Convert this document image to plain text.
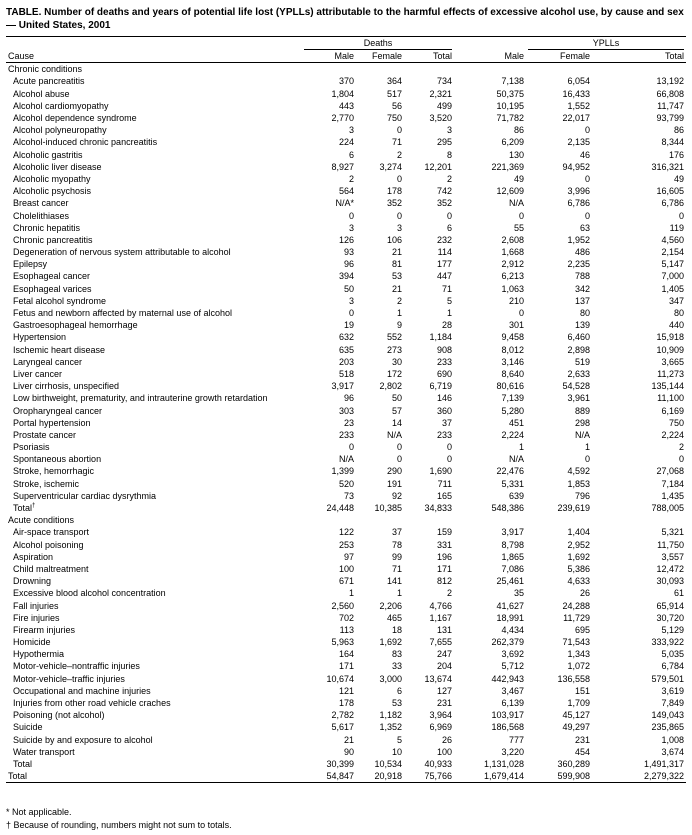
TABLE. Number of deaths and years of potential life lost (YPLLs) attributable to the harmful effects of excessive alcohol use, by cause and sex — United States, 2001

	Deaths				YPLLs	

Cause	Male	Female	Total	Male	Female	Total
Chronic conditions						
Acute pancreatitis	370	364	734	7,138	6,054	13,192
Alcohol abuse	1,804	517	2,321	50,375	16,433	66,808
Alcohol cardiomyopathy	443	56	499	10,195	1,552	11,747
Alcohol dependence syndrome	2,770	750	3,520	71,782	22,017	93,799
Alcohol polyneuropathy	3	0	3	86	0	86
Alcohol-induced chronic pancreatitis	224	71	295	6,209	2,135	8,344
Alcoholic gastritis	6	2	8	130	46	176
Alcoholic liver disease	8,927	3,274	12,201	221,369	94,952	316,321
Alcoholic myopathy	2	0	2	49	0	49
Alcoholic psychosis	564	178	742	12,609	3,996	16,605
Breast cancer	N/A*	352	352	N/A	6,786	6,786
Cholelithiases	0	0	0	0	0	0
Chronic hepatitis	3	3	6	55	63	119
Chronic pancreatitis	126	106	232	2,608	1,952	4,560
Degeneration of nervous system attributable to alcohol	93	21	114	1,668	486	2,154
Epilepsy	96	81	177	2,912	2,235	5,147
Esophageal cancer	394	53	447	6,213	788	7,000
Esophageal varices	50	21	71	1,063	342	1,405
Fetal alcohol syndrome	3	2	5	210	137	347
Fetus and newborn affected by maternal use of alcohol	0	1	1	0	80	80
Gastroesophageal hemorrhage	19	9	28	301	139	440
Hypertension	632	552	1,184	9,458	6,460	15,918
Ischemic heart disease	635	273	908	8,012	2,898	10,909
Laryngeal cancer	203	30	233	3,146	519	3,665
Liver cancer	518	172	690	8,640	2,633	11,273
Liver cirrhosis, unspecified	3,917	2,802	6,719	80,616	54,528	135,144
Low birthweight, prematurity, and intrauterine growth retardation	96	50	146	7,139	3,961	11,100
Oropharyngeal cancer	303	57	360	5,280	889	6,169
Portal hypertension	23	14	37	451	298	750
Prostate cancer	233	N/A	233	2,224	N/A	2,224
Psoriasis	0	0	0	1	1	2
Spontaneous abortion	N/A	0	0	N/A	0	0
Stroke, hemorrhagic	1,399	290	1,690	22,476	4,592	27,068
Stroke, ischemic	520	191	711	5,331	1,853	7,184
Superventricular cardiac dysrythmia	73	92	165	639	796	1,435
Total†	24,448	10,385	34,833	548,386	239,619	788,005
Acute conditions						
Air-space transport	122	37	159	3,917	1,404	5,321
Alcohol poisoning	253	78	331	8,798	2,952	11,750
Aspiration	97	99	196	1,865	1,692	3,557
Child maltreatment	100	71	171	7,086	5,386	12,472
Drowning	671	141	812	25,461	4,633	30,093
Excessive blood alcohol concentration	1	1	2	35	26	61
Fall injuries	2,560	2,206	4,766	41,627	24,288	65,914
Fire injuries	702	465	1,167	18,991	11,729	30,720
Firearm injuries	113	18	131	4,434	695	5,129
Homicide	5,963	1,692	7,655	262,379	71,543	333,922
Hypothermia	164	83	247	3,692	1,343	5,035
Motor-vehicle–nontraffic injuries	171	33	204	5,712	1,072	6,784
Motor-vehicle–traffic injuries	10,674	3,000	13,674	442,943	136,558	579,501
Occupational and machine injuries	121	6	127	3,467	151	3,619
Injuries from other road vehicle craches	178	53	231	6,139	1,709	7,849
Poisoning (not alcohol)	2,782	1,182	3,964	103,917	45,127	149,043
Suicide	5,617	1,352	6,969	186,568	49,297	235,865
Suicide by and exposure to alcohol	21	5	26	777	231	1,008
Water transport	90	10	100	3,220	454	3,674
Total	30,399	10,534	40,933	1,131,028	360,289	1,491,317
Total	54,847	20,918	75,766	1,679,414	599,908	2,279,322
* Not applicable.
† Because of rounding, numbers might not sum to totals.
